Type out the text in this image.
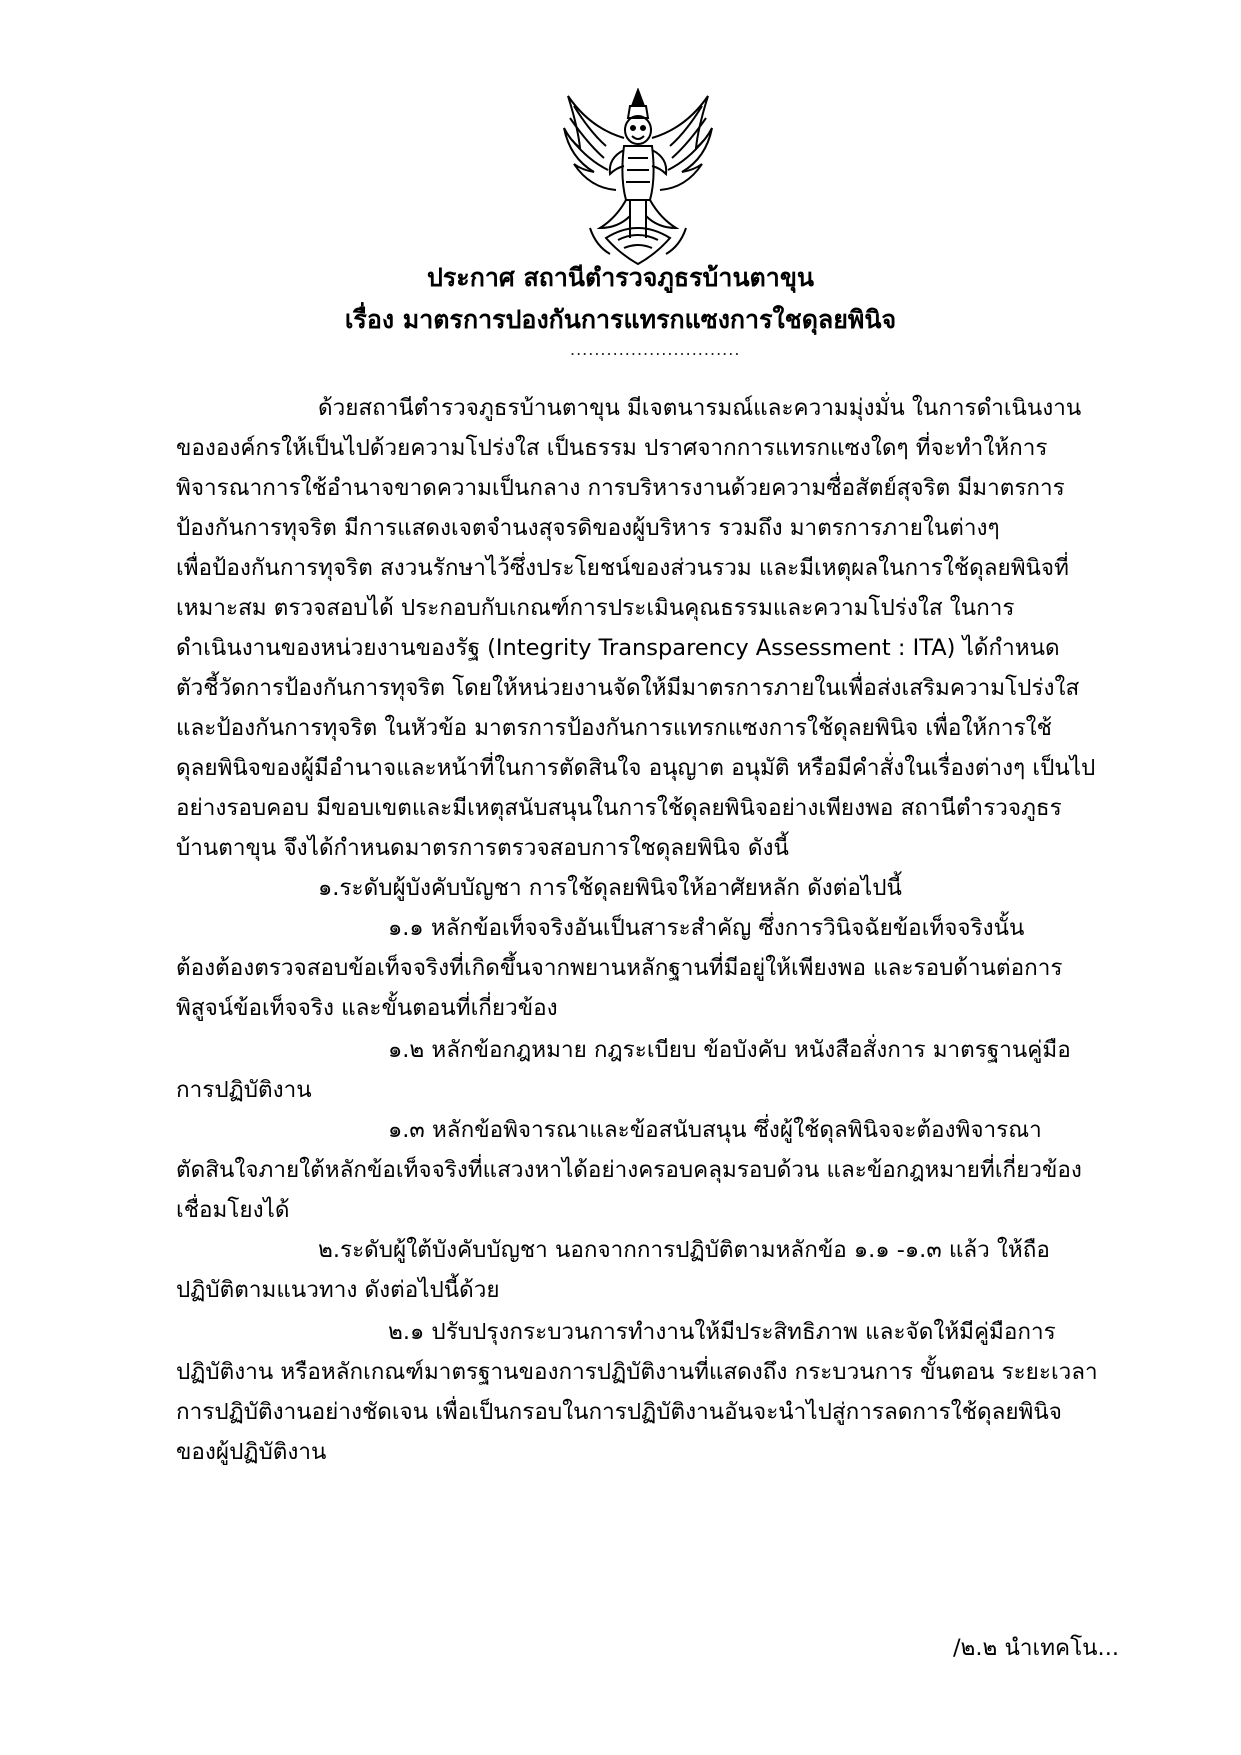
ประกาศ สถานีตำรวจภูธรบ้านตาขุน
เรื่อง มาตรการปองกันการแทรกแซงการใชดุลยพินิจ
............................
ด้วยสถานีตำรวจภูธรบ้านตาขุน มีเจตนารมณ์และความมุ่งมั่น ในการดำเนินงาน
ขององค์กรให้เป็นไปด้วยความโปร่งใส เป็นธรรม ปราศจากการแทรกแซงใดๆ ที่จะทำให้การ
พิจารณาการใช้อำนาจขาดความเป็นกลาง การบริหารงานด้วยความซื่อสัตย์สุจริต มีมาตรการ
ป้องกันการทุจริต มีการแสดงเจตจำนงสุจรดิของผู้บริหาร รวมถึง มาตรการภายในต่างๆ
เพื่อป้องกันการทุจริต สงวนรักษาไว้ซึ่งประโยชน์ของส่วนรวม และมีเหตุผลในการใช้ดุลยพินิจที่
เหมาะสม ตรวจสอบได้ ประกอบกับเกณฑ์การประเมินคุณธรรมและความโปร่งใส ในการ
ดำเนินงานของหน่วยงานของรัฐ (Integrity Transparency Assessment : ITA) ได้กำหนด
ตัวชี้วัดการป้องกันการทุจริต โดยให้หน่วยงานจัดให้มีมาตรการภายในเพื่อส่งเสริมความโปร่งใส
และป้องกันการทุจริต ในหัวข้อ มาตรการป้องกันการแทรกแซงการใช้ดุลยพินิจ เพื่อให้การใช้
ดุลยพินิจของผู้มีอำนาจและหน้าที่ในการตัดสินใจ อนุญาต อนุมัติ หรือมีคำสั่งในเรื่องต่างๆ เป็นไป
อย่างรอบคอบ มีขอบเขตและมีเหตุสนับสนุนในการใช้ดุลยพินิจอย่างเพียงพอ สถานีตำรวจภูธร
บ้านตาขุน จึงได้กำหนดมาตรการตรวจสอบการใชดุลยพินิจ ดังนี้
๑.ระดับผู้บังคับบัญชา การใช้ดุลยพินิจให้อาศัยหลัก ดังต่อไปนี้
๑.๑ หลักข้อเท็จจริงอันเป็นสาระสำคัญ ซึ่งการวินิจฉัยข้อเท็จจริงนั้น
ต้องต้องตรวจสอบข้อเท็จจริงที่เกิดขึ้นจากพยานหลักฐานที่มีอยู่ให้เพียงพอ และรอบด้านต่อการ
พิสูจน์ข้อเท็จจริง และขั้นตอนที่เกี่ยวข้อง
๑.๒ หลักข้อกฎหมาย กฎระเบียบ ข้อบังคับ หนังสือสั่งการ มาตรฐานคู่มือ
การปฏิบัติงาน
๑.๓ หลักข้อพิจารณาและข้อสนับสนุน ซึ่งผู้ใช้ดุลพินิจจะต้องพิจารณา
ตัดสินใจภายใต้หลักข้อเท็จจริงที่แสวงหาได้อย่างครอบคลุมรอบด้วน และข้อกฎหมายที่เกี่ยวข้อง
เชื่อมโยงได้
๒.ระดับผู้ใต้บังคับบัญชา นอกจากการปฏิบัติตามหลักข้อ ๑.๑ -๑.๓ แล้ว ให้ถือ
ปฏิบัติตามแนวทาง ดังต่อไปนี้ด้วย
๒.๑ ปรับปรุงกระบวนการทำงานให้มีประสิทธิภาพ และจัดให้มีคู่มือการ
ปฏิบัติงาน หรือหลักเกณฑ์มาตรฐานของการปฏิบัติงานที่แสดงถึง กระบวนการ ขั้นตอน ระยะเวลา
การปฏิบัติงานอย่างชัดเจน เพื่อเป็นกรอบในการปฏิบัติงานอันจะนำไปสู่การลดการใช้ดุลยพินิจ
ของผู้ปฏิบัติงาน
/๒.๒ นำเทคโน...
